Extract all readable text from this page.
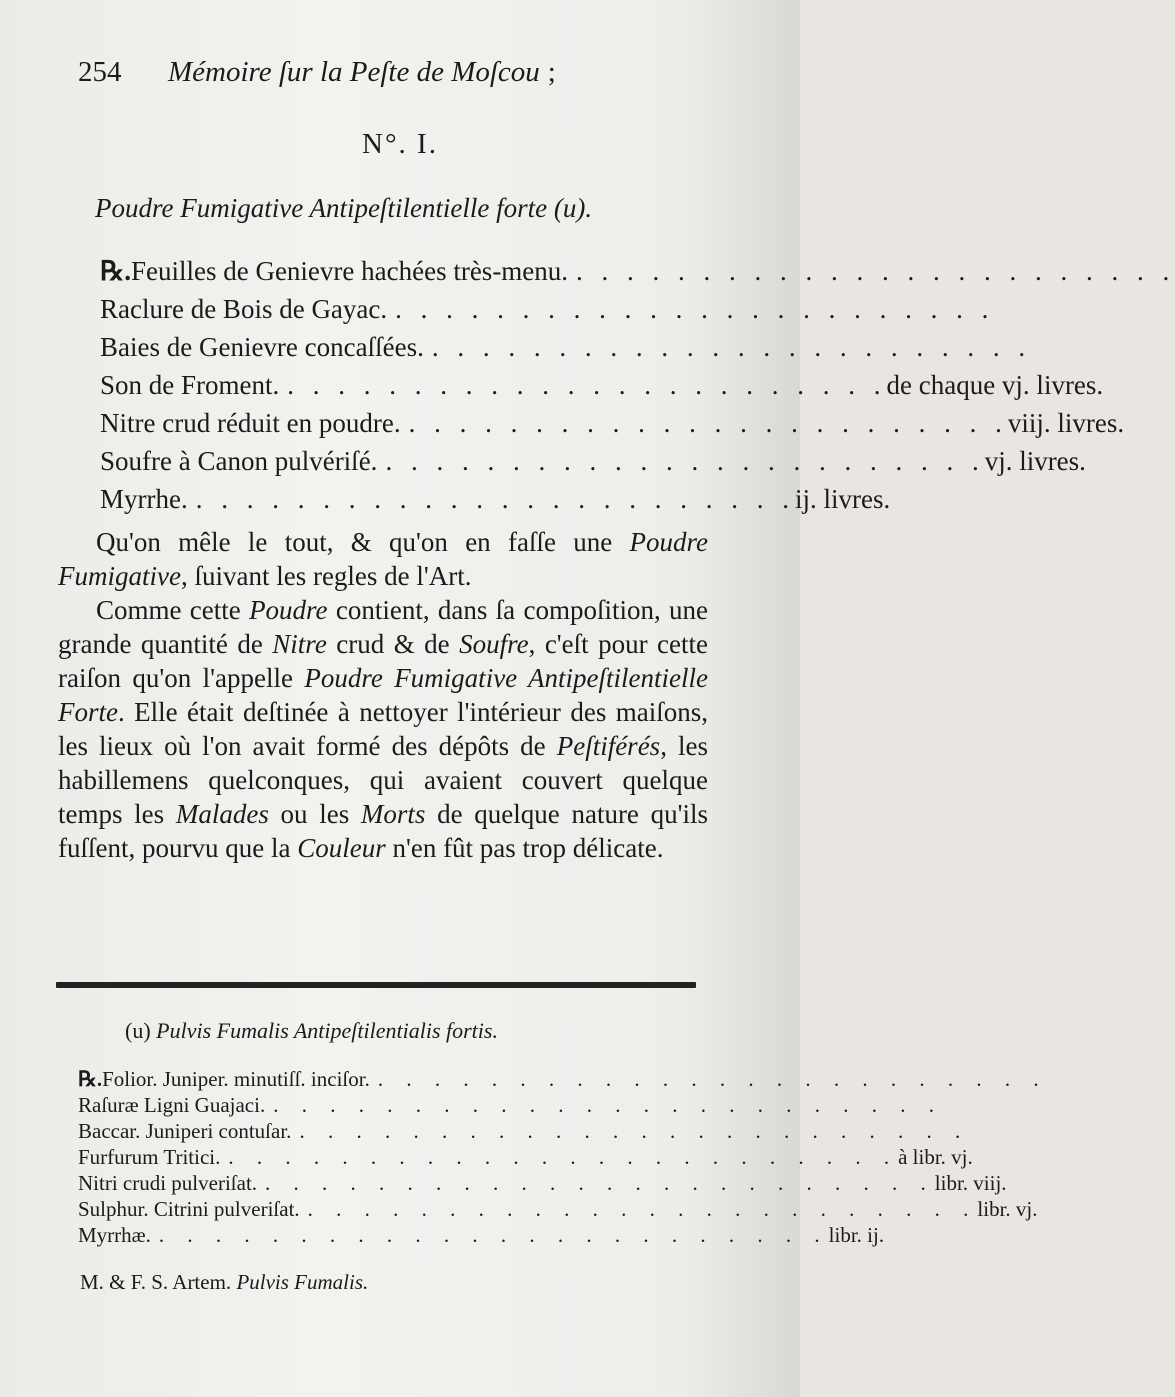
254	Mémoire ſur la Peſte de Moſcou ;
N°. I.
Poudre Fumigative Antipeſtilentielle forte (u).
℞. Feuilles de Genievre hachées très-menu. . . . . . . . . . . . . . . . . . . . . . . . .
Raclure de Bois de Gayac. . . . . . . . . . . . . . . . . . . . . . . . .
Baies de Genievre concaſſées. . . . . . . . . . . . . . . . . . . . . . . . .
Son de Froment. . . . . . . . . . . . . . . . . . . . . . . . . de chaque vj. livres.
Nitre crud réduit en poudre. . . . . . . . . . . . . . . . . . . . . . . . . viij. livres.
Soufre à Canon pulvériſé. . . . . . . . . . . . . . . . . . . . . . . . . vj. livres.
Myrrhe. . . . . . . . . . . . . . . . . . . . . . . . . ij. livres.

Qu'on mêle le tout, & qu'on en faſſe une Poudre Fumigative, ſuivant les regles de l'Art.

Comme cette Poudre contient, dans ſa compoſition, une grande quantité de Nitre crud & de Soufre, c'eſt pour cette raiſon qu'on l'appelle Poudre Fumigative Antipeſtilentielle Forte. Elle était deſtinée à nettoyer l'intérieur des maiſons, les lieux où l'on avait formé des dépôts de Peſtiférés, les habillemens quelconques, qui avaient couvert quelque temps les Malades ou les Morts de quelque nature qu'ils fuſſent, pourvu que la Couleur n'en fût pas trop délicate.

(u) Pulvis Fumalis Antipeſtilentialis fortis.
℞. Folior. Juniper. minutiſſ. inciſor. . . . . . . . . . . . . . . . . . . . . . . . .
Raſuræ Ligni Guajaci. . . . . . . . . . . . . . . . . . . . . . . . .
Baccar. Juniperi contuſar. . . . . . . . . . . . . . . . . . . . . . . . .
Furfurum Tritici. . . . . . . . . . . . . . . . . . . . . . . . . à libr. vj.
Nitri crudi pulveriſat. . . . . . . . . . . . . . . . . . . . . . . . . libr. viij.
Sulphur. Citrini pulveriſat. . . . . . . . . . . . . . . . . . . . . . . . . libr. vj.
Myrrhæ. . . . . . . . . . . . . . . . . . . . . . . . . libr. ij.
M. & F. S. Artem. Pulvis Fumalis.
